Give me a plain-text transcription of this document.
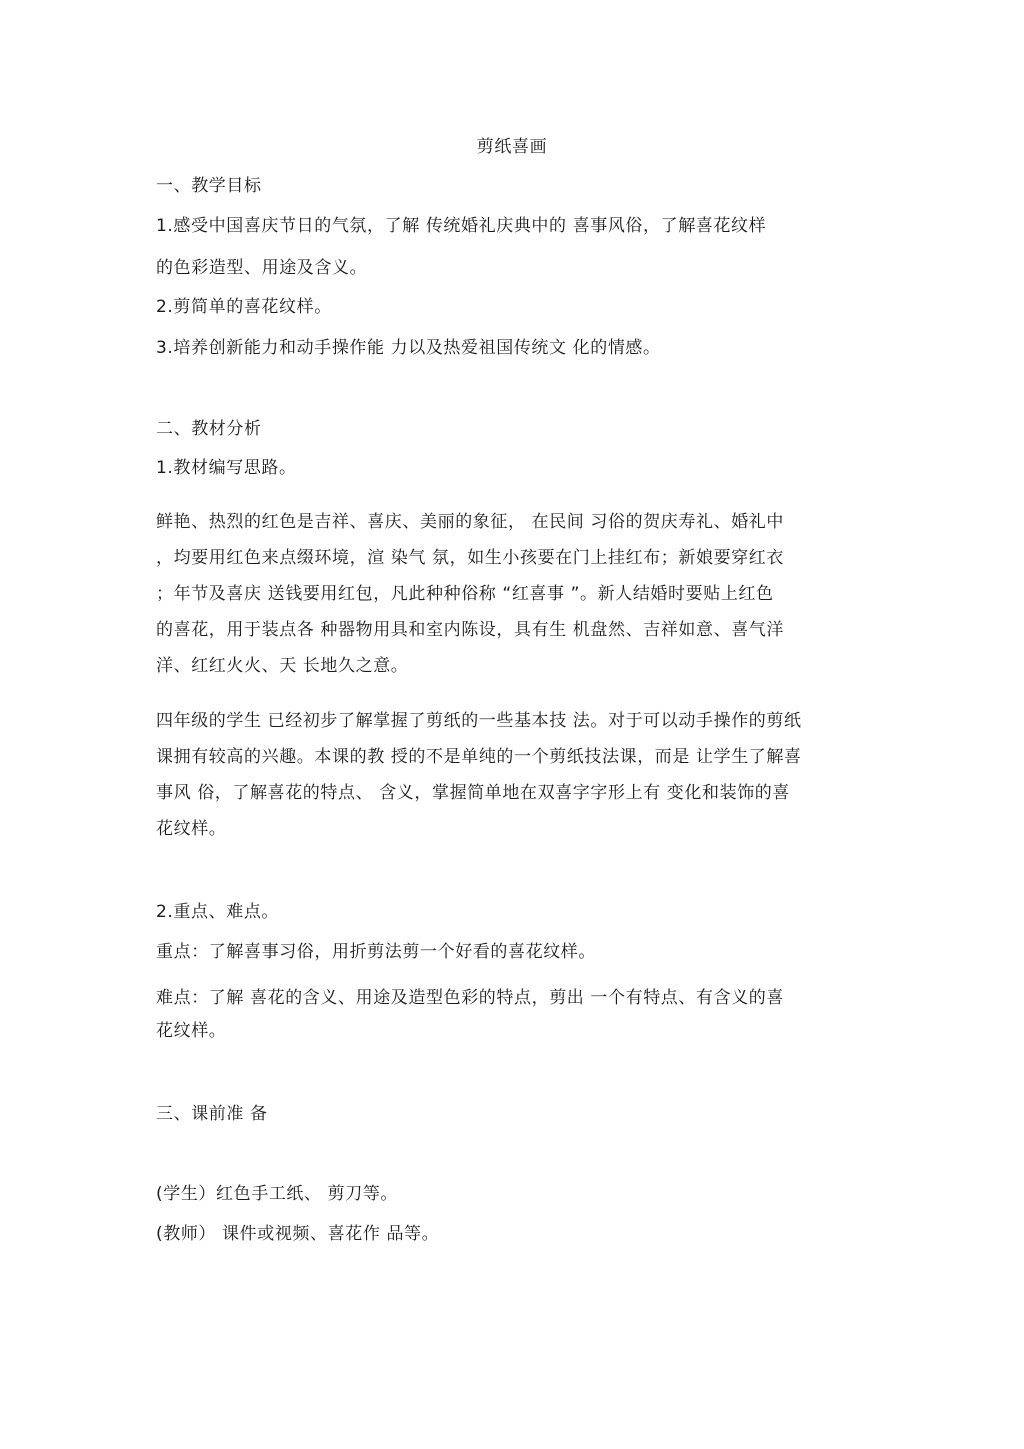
剪纸喜画
一、教学目标
1.感受中国喜庆节日的气氛，了解 传统婚礼庆典中的 喜事风俗，了解喜花纹样
的色彩造型、用途及含义。
2.剪简单的喜花纹样。
3.培养创新能力和动手操作能 力以及热爱祖国传统文 化的情感。
二、教材分析
1.教材编写思路。
鲜艳、热烈的红色是吉祥、喜庆、美丽的象征， 在民间 习俗的贺庆寿礼、婚礼中
，均要用红色来点缀环境，渲 染气 氛，如生小孩要在门上挂红布；新娘要穿红衣
；年节及喜庆 送钱要用红包，凡此种种俗称 “红喜事 ”。新人结婚时要贴上红色
的喜花，用于装点各 种器物用具和室内陈设，具有生 机盘然、吉祥如意、喜气洋
洋、红红火火、天 长地久之意。
四年级的学生 已经初步了解掌握了剪纸的一些基本技 法。对于可以动手操作的剪纸
课拥有较高的兴趣。本课的教 授的不是单纯的一个剪纸技法课，而是 让学生了解喜
事风 俗，了解喜花的特点、 含义，掌握简单地在双喜字字形上有 变化和装饰的喜
花纹样。
2.重点、难点。
重点：了解喜事习俗，用折剪法剪一个好看的喜花纹样。
难点：了解 喜花的含义、用途及造型色彩的特点，剪出 一个有特点、有含义的喜
花纹样。
三、课前准 备
(学生）红色手工纸、 剪刀等。
(教师） 课件或视频、喜花作 品等。
